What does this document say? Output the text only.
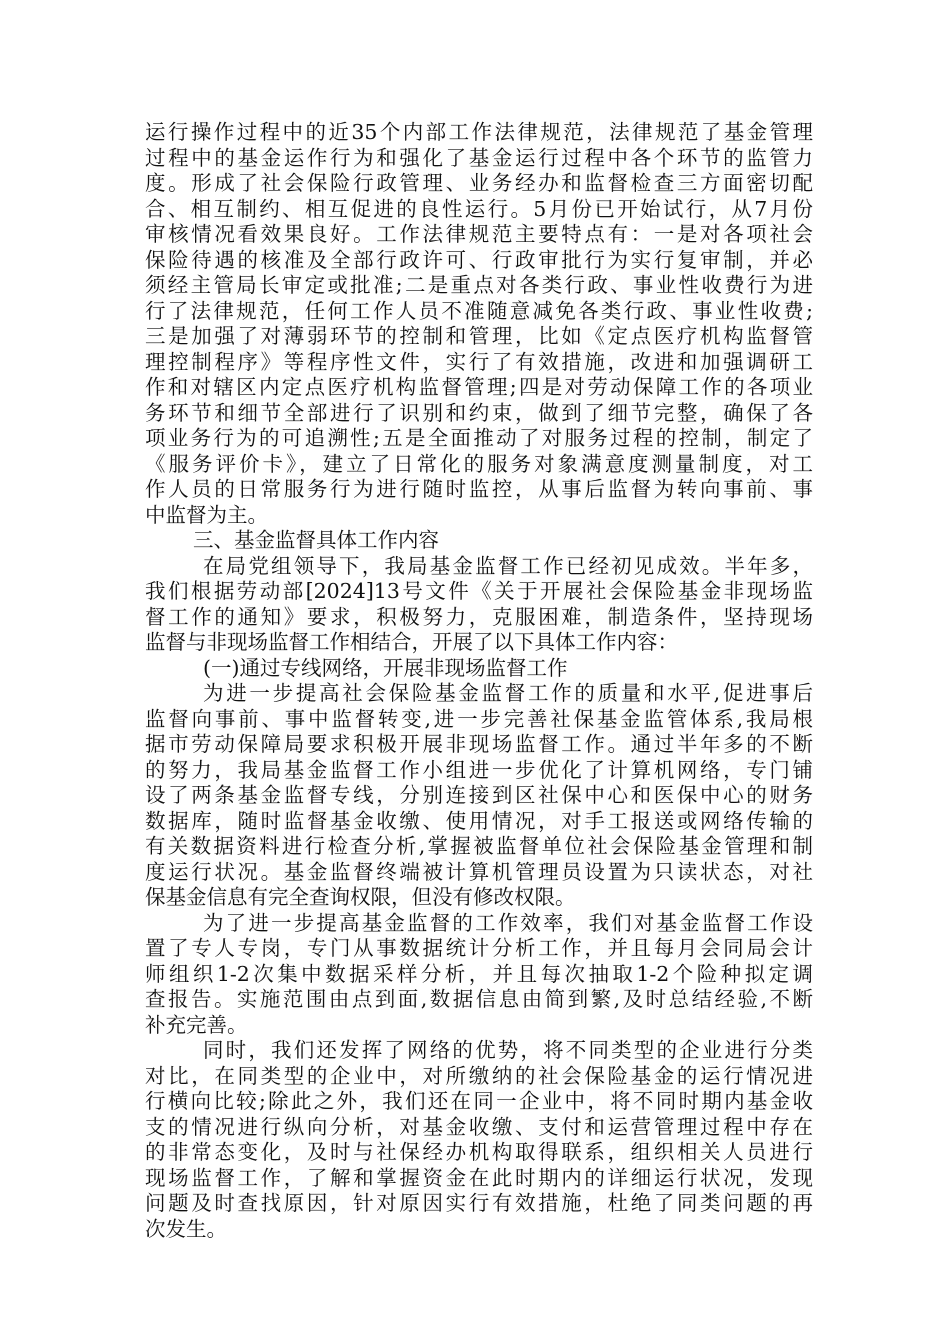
运行操作过程中的近35个内部工作法律规范，法律规范了基金管理
过程中的基金运作行为和强化了基金运行过程中各个环节的监管力
度。形成了社会保险行政管理、业务经办和监督检查三方面密切配
合、相互制约、相互促进的良性运行。5月份已开始试行，从7月份
审核情况看效果良好。工作法律规范主要特点有：一是对各项社会
保险待遇的核准及全部行政许可、行政审批行为实行复审制，并必
须经主管局长审定或批准;二是重点对各类行政、事业性收费行为进
行了法律规范，任何工作人员不准随意减免各类行政、事业性收费;
三是加强了对薄弱环节的控制和管理，比如《定点医疗机构监督管
理控制程序》等程序性文件，实行了有效措施，改进和加强调研工
作和对辖区内定点医疗机构监督管理;四是对劳动保障工作的各项业
务环节和细节全部进行了识别和约束，做到了细节完整，确保了各
项业务行为的可追溯性;五是全面推动了对服务过程的控制，制定了
《服务评价卡》，建立了日常化的服务对象满意度测量制度，对工
作人员的日常服务行为进行随时监控，从事后监督为转向事前、事
中监督为主。
三、基金监督具体工作内容
在局党组领导下，我局基金监督工作已经初见成效。半年多，
我们根据劳动部[2024]13号文件《关于开展社会保险基金非现场监
督工作的通知》要求，积极努力，克服困难，制造条件，坚持现场
监督与非现场监督工作相结合，开展了以下具体工作内容：
(一)通过专线网络，开展非现场监督工作
为进一步提高社会保险基金监督工作的质量和水平,促进事后
监督向事前、事中监督转变,进一步完善社保基金监管体系,我局根
据市劳动保障局要求积极开展非现场监督工作。通过半年多的不断
的努力，我局基金监督工作小组进一步优化了计算机网络，专门铺
设了两条基金监督专线，分别连接到区社保中心和医保中心的财务
数据库，随时监督基金收缴、使用情况，对手工报送或网络传输的
有关数据资料进行检查分析,掌握被监督单位社会保险基金管理和制
度运行状况。基金监督终端被计算机管理员设置为只读状态，对社
保基金信息有完全查询权限，但没有修改权限。
为了进一步提高基金监督的工作效率，我们对基金监督工作设
置了专人专岗，专门从事数据统计分析工作，并且每月会同局会计
师组织1-2次集中数据采样分析，并且每次抽取1-2个险种拟定调
查报告。实施范围由点到面,数据信息由简到繁,及时总结经验,不断
补充完善。
同时，我们还发挥了网络的优势，将不同类型的企业进行分类
对比，在同类型的企业中，对所缴纳的社会保险基金的运行情况进
行横向比较;除此之外，我们还在同一企业中，将不同时期内基金收
支的情况进行纵向分析，对基金收缴、支付和运营管理过程中存在
的非常态变化，及时与社保经办机构取得联系，组织相关人员进行
现场监督工作，了解和掌握资金在此时期内的详细运行状况，发现
问题及时查找原因，针对原因实行有效措施，杜绝了同类问题的再
次发生。
